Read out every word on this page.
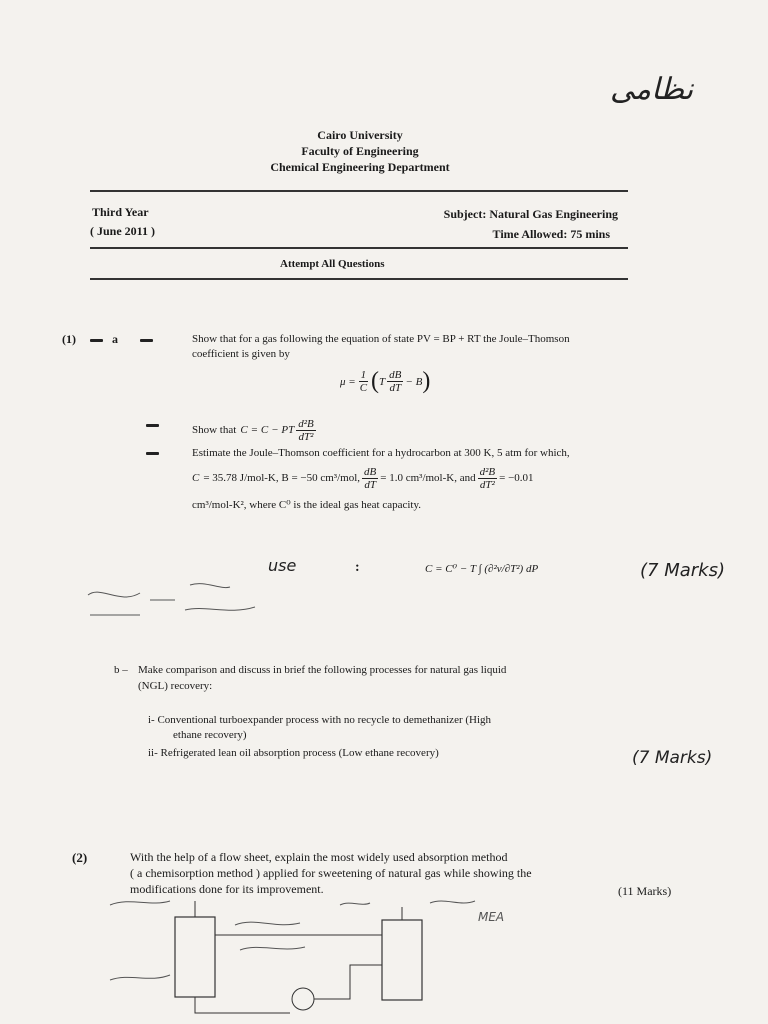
نظامى
Cairo University
Faculty of Engineering
Chemical Engineering Department
Third Year
( June 2011 )
Subject: Natural Gas Engineering
Time Allowed: 75 mins
Attempt All Questions
(1)	a	Show that for a gas following the equation of state PV = BP + RT the Joule–Thomson
coefficient is given by
$\mu = \frac{1}{C}$ ( T $\frac{dB}{dT} - B$ )
Show that C = C − PT $\frac{\text{d²B}}{\text{dT²}}$
Estimate the Joule–Thomson coefficient for a hydrocarbon at 300 K, 5 atm for which,
C = 35.78 J/mol-K, B = −50 cm³/mol, $\frac{dB}{dT} = 1.0$ cm³/mol-K, and $\frac{\text{d²B}}{\text{dT²}} = -0.01$
cm³/mol-K², where C⁰ is the ideal gas heat capacity.
use	:	C = C⁰ − T ∫ (∂²v/∂T²) dP	(7 Marks)
b – Make comparison and discuss in brief the following processes for natural gas liquid
(NGL) recovery:
i- Conventional turboexpander process with no recycle to demethanizer (High
ethane recovery)
ii- Refrigerated lean oil absorption process (Low ethane recovery)	(7 Marks)
(2)	With the help of a flow sheet, explain the most widely used absorption method
( a chemisorption method ) applied for sweetening of natural gas while showing the
modifications done for its improvement.	(11 Marks)
MEA
